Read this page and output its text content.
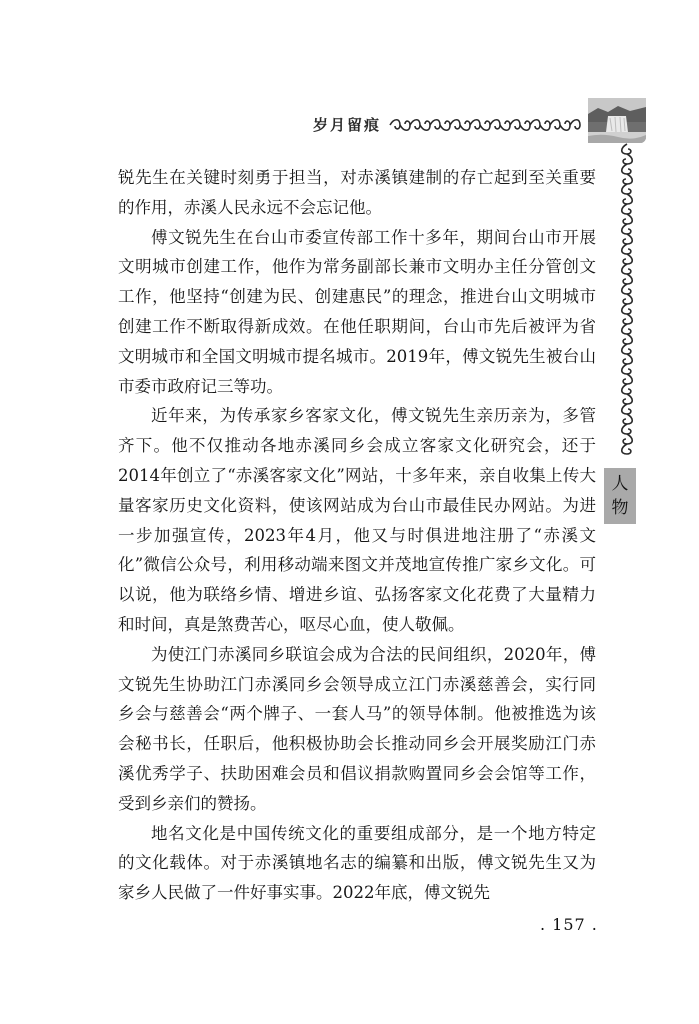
岁月留痕
人
物

锐先生在关键时刻勇于担当，对赤溪镇建制的存亡起到至关重要的作用，赤溪人民永远不会忘记他。

傅文锐先生在台山市委宣传部工作十多年，期间台山市开展文明城市创建工作，他作为常务副部长兼市文明办主任分管创文工作，他坚持“创建为民、创建惠民”的理念，推进台山文明城市创建工作不断取得新成效。在他任职期间，台山市先后被评为省文明城市和全国文明城市提名城市。2019年，傅文锐先生被台山市委市政府记三等功。

近年来，为传承家乡客家文化，傅文锐先生亲历亲为，多管齐下。他不仅推动各地赤溪同乡会成立客家文化研究会，还于2014年创立了“赤溪客家文化”网站，十多年来，亲自收集上传大量客家历史文化资料，使该网站成为台山市最佳民办网站。为进一步加强宣传，2023年4月，他又与时俱进地注册了“赤溪文化”微信公众号，利用移动端来图文并茂地宣传推广家乡文化。可以说，他为联络乡情、增进乡谊、弘扬客家文化花费了大量精力和时间，真是煞费苦心，呕尽心血，使人敬佩。

为使江门赤溪同乡联谊会成为合法的民间组织，2020年，傅文锐先生协助江门赤溪同乡会领导成立江门赤溪慈善会，实行同乡会与慈善会“两个牌子、一套人马”的领导体制。他被推选为该会秘书长，任职后，他积极协助会长推动同乡会开展奖励江门赤溪优秀学子、扶助困难会员和倡议捐款购置同乡会会馆等工作，受到乡亲们的赞扬。

地名文化是中国传统文化的重要组成部分，是一个地方特定的文化载体。对于赤溪镇地名志的编纂和出版，傅文锐先生又为家乡人民做了一件好事实事。2022年底，傅文锐先

. 157 .
